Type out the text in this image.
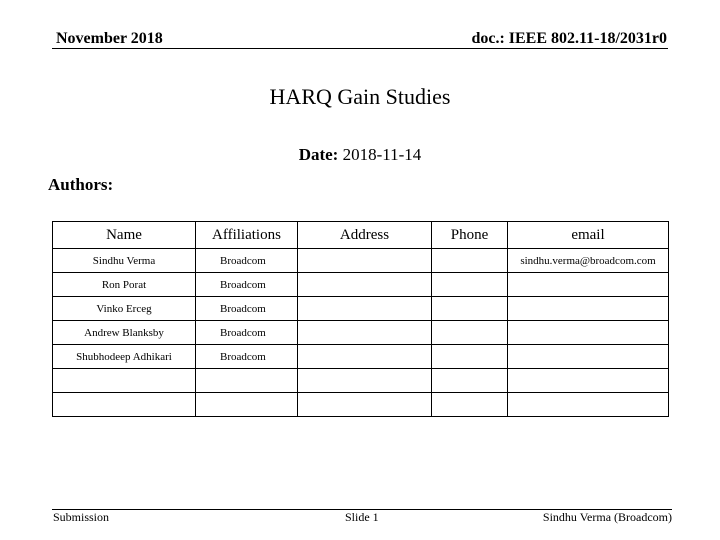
November 2018	doc.: IEEE 802.11-18/2031r0
HARQ Gain Studies
Date: 2018-11-14
Authors:
Name	Affiliations	Address	Phone	email
Sindhu Verma	Broadcom			sindhu.verma@broadcom.com
Ron Porat	Broadcom			
Vinko Erceg	Broadcom			
Andrew Blanksby	Broadcom			
Shubhodeep Adhikari	Broadcom			

Submission	Slide 1	Sindhu Verma (Broadcom)
